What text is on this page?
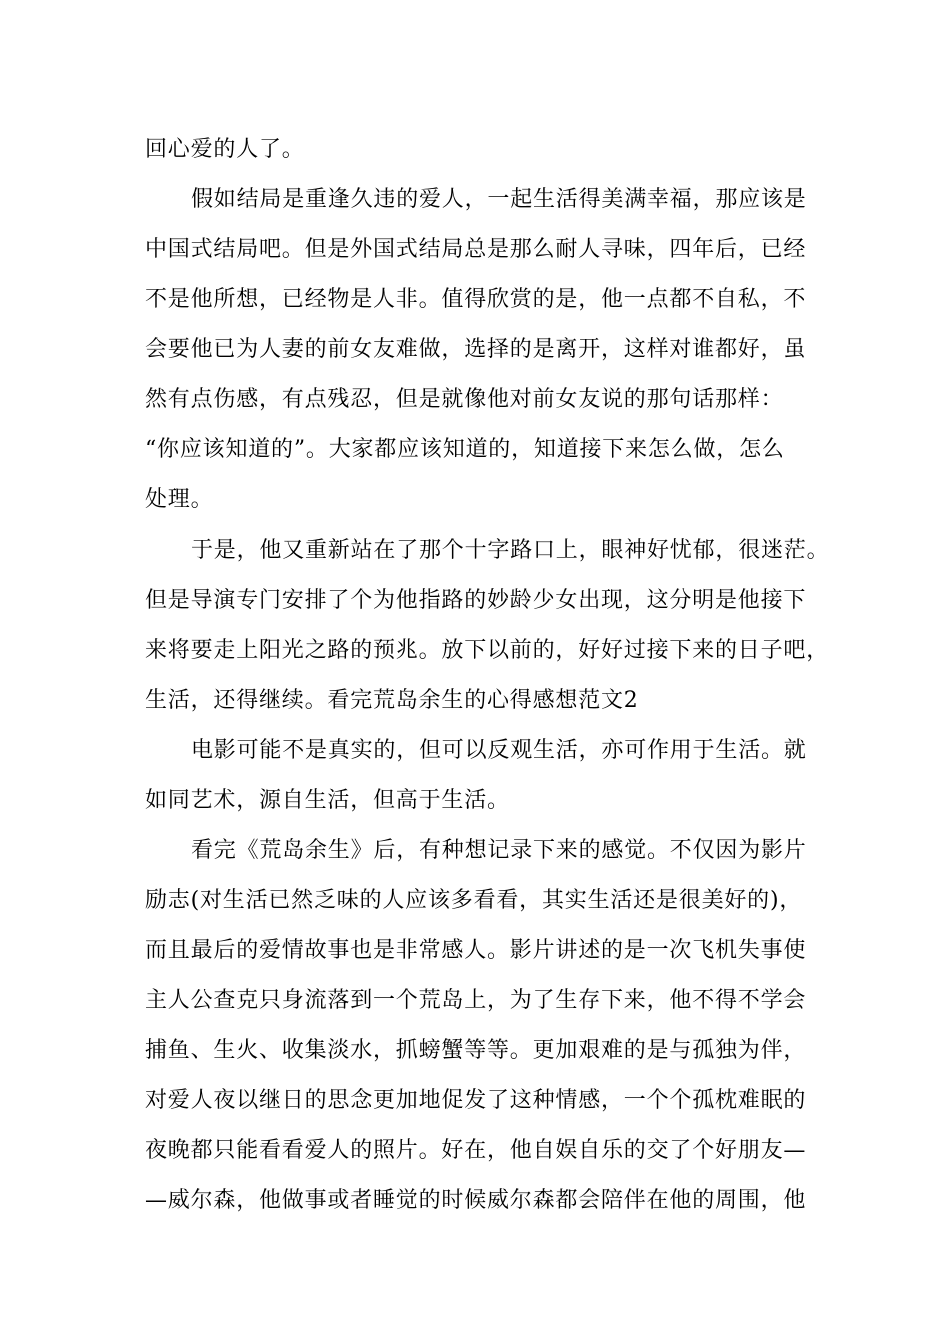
回心爱的人了。
假如结局是重逢久违的爱人，一起生活得美满幸福，那应该是
中国式结局吧。但是外国式结局总是那么耐人寻味，四年后，已经
不是他所想，已经物是人非。值得欣赏的是，他一点都不自私，不
会要他已为人妻的前女友难做，选择的是离开，这样对谁都好，虽
然有点伤感，有点残忍，但是就像他对前女友说的那句话那样：
“你应该知道的”。大家都应该知道的，知道接下来怎么做，怎么
处理。
于是，他又重新站在了那个十字路口上，眼神好忧郁，很迷茫。
但是导演专门安排了个为他指路的妙龄少女出现，这分明是他接下
来将要走上阳光之路的预兆。放下以前的，好好过接下来的日子吧，
生活，还得继续。看完荒岛余生的心得感想范文2
电影可能不是真实的，但可以反观生活，亦可作用于生活。就
如同艺术，源自生活，但高于生活。
看完《荒岛余生》后，有种想记录下来的感觉。不仅因为影片
励志(对生活已然乏味的人应该多看看，其实生活还是很美好的)，
而且最后的爱情故事也是非常感人。影片讲述的是一次飞机失事使
主人公查克只身流落到一个荒岛上，为了生存下来，他不得不学会
捕鱼、生火、收集淡水，抓螃蟹等等。更加艰难的是与孤独为伴，
对爱人夜以继日的思念更加地促发了这种情感，一个个孤枕难眠的
夜晚都只能看看爱人的照片。好在，他自娱自乐的交了个好朋友—
—威尔森，他做事或者睡觉的时候威尔森都会陪伴在他的周围，他
